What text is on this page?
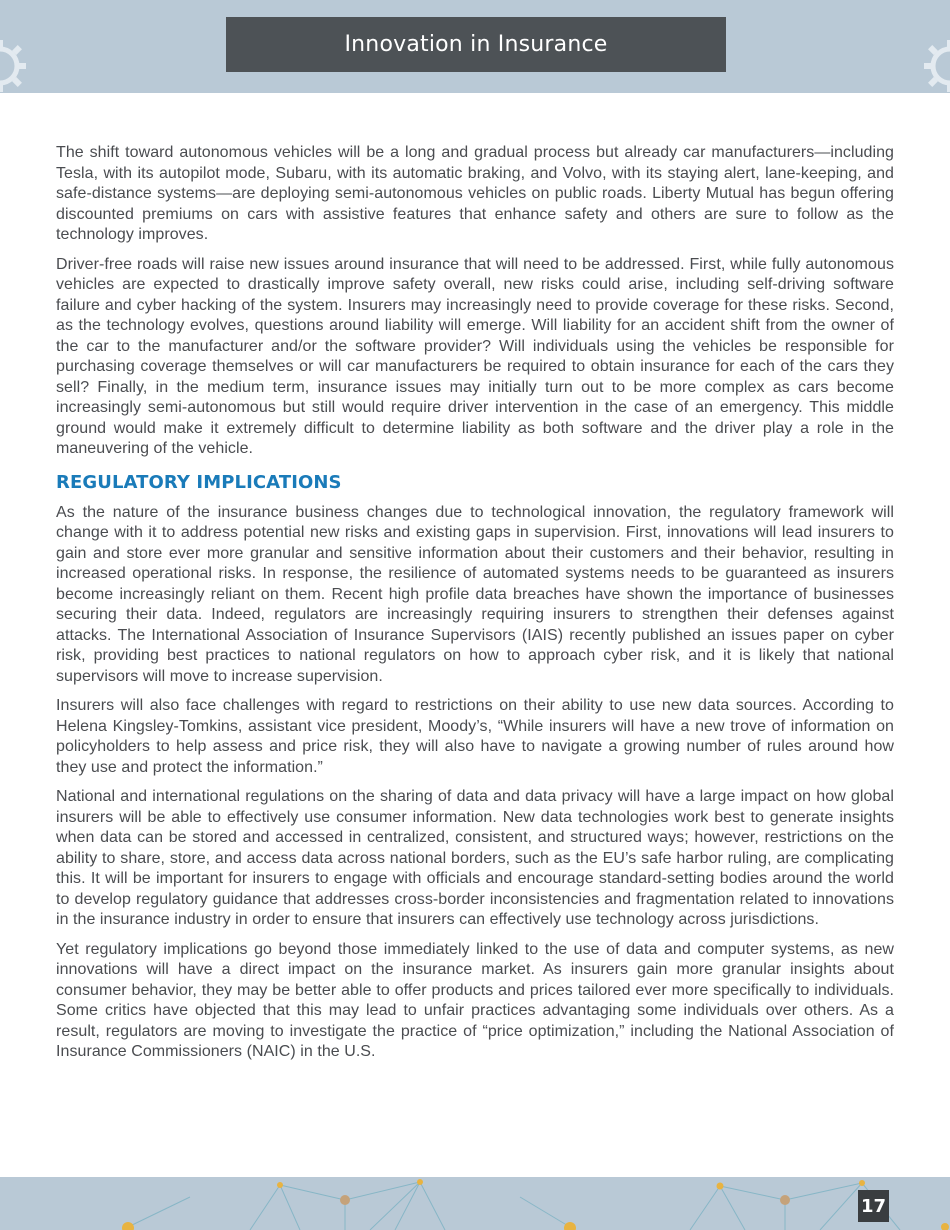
Innovation in Insurance

The shift toward autonomous vehicles will be a long and gradual process but already car manufacturers—including Tesla, with its autopilot mode, Subaru, with its automatic braking, and Volvo, with its staying alert, lane-keeping, and safe-distance systems—are deploying semi-autonomous vehicles on public roads. Liberty Mutual has begun offering discounted premiums on cars with assistive features that enhance safety and others are sure to follow as the technology improves.

Driver-free roads will raise new issues around insurance that will need to be addressed. First, while fully autonomous vehicles are expected to drastically improve safety overall, new risks could arise, including self-driving software failure and cyber hacking of the system. Insurers may increasingly need to provide coverage for these risks. Second, as the technology evolves, questions around liability will emerge. Will liability for an accident shift from the owner of the car to the manufacturer and/or the software provider? Will individuals using the vehicles be responsible for purchasing coverage themselves or will car manufacturers be required to obtain insurance for each of the cars they sell? Finally, in the medium term, insurance issues may initially turn out to be more complex as cars become increasingly semi-autonomous but still would require driver intervention in the case of an emergency. This middle ground would make it extremely difficult to determine liability as both software and the driver play a role in the maneuvering of the vehicle.

REGULATORY IMPLICATIONS

As the nature of the insurance business changes due to technological innovation, the regulatory framework will change with it to address potential new risks and existing gaps in supervision. First, innovations will lead insurers to gain and store ever more granular and sensitive information about their customers and their behavior, resulting in increased operational risks. In response, the resilience of automated systems needs to be guaranteed as insurers become increasingly reliant on them. Recent high profile data breaches have shown the importance of businesses securing their data. Indeed, regulators are increasingly requiring insurers to strengthen their defenses against attacks. The International Association of Insurance Supervisors (IAIS) recently published an issues paper on cyber risk, providing best practices to national regulators on how to approach cyber risk, and it is likely that national supervisors will move to increase supervision.

Insurers will also face challenges with regard to restrictions on their ability to use new data sources. According to Helena Kingsley-Tomkins, assistant vice president, Moody’s, “While insurers will have a new trove of information on policyholders to help assess and price risk, they will also have to navigate a growing number of rules around how they use and protect the information.”

National and international regulations on the sharing of data and data privacy will have a large impact on how global insurers will be able to effectively use consumer information. New data technologies work best to generate insights when data can be stored and accessed in centralized, consistent, and structured ways; however, restrictions on the ability to share, store, and access data across national borders, such as the EU’s safe harbor ruling, are complicating this. It will be important for insurers to engage with officials and encourage standard-setting bodies around the world to develop regulatory guidance that addresses cross-border inconsistencies and fragmentation related to innovations in the insurance industry in order to ensure that insurers can effectively use technology across jurisdictions.

Yet regulatory implications go beyond those immediately linked to the use of data and computer systems, as new innovations will have a direct impact on the insurance market. As insurers gain more granular insights about consumer behavior, they may be better able to offer products and prices tailored ever more specifically to individuals. Some critics have objected that this may lead to unfair practices advantaging some individuals over others. As a result, regulators are moving to investigate the practice of “price optimization,” including the National Association of Insurance Commissioners (NAIC) in the U.S.

17
